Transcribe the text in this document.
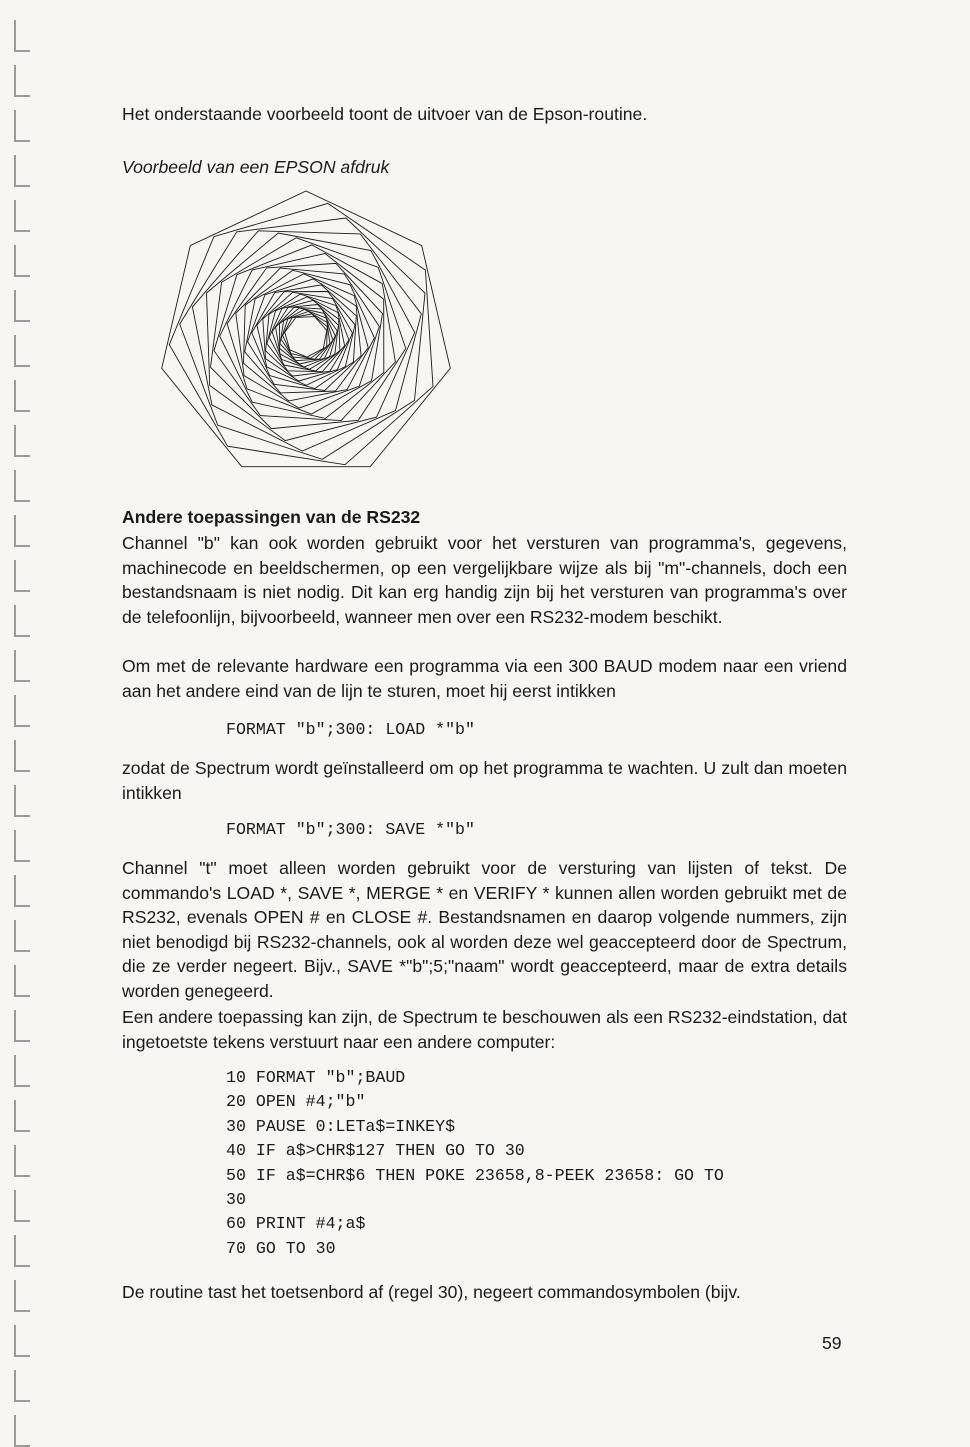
Het onderstaande voorbeeld toont de uitvoer van de Epson-routine.

Voorbeeld van een EPSON afdruk

Andere toepassingen van de RS232

Channel "b" kan ook worden gebruikt voor het versturen van programma's, gegevens, machinecode en beeldschermen, op een vergelijkbare wijze als bij "m"-channels, doch een bestandsnaam is niet nodig. Dit kan erg handig zijn bij het versturen van programma's over de telefoonlijn, bijvoorbeeld, wanneer men over een RS232-modem beschikt.

Om met de relevante hardware een programma via een 300 BAUD modem naar een vriend aan het andere eind van de lijn te sturen, moet hij eerst intikken

FORMAT "b";300: LOAD *"b"

zodat de Spectrum wordt geïnstalleerd om op het programma te wachten. U zult dan moeten intikken

FORMAT "b";300: SAVE *"b"

Channel "t" moet alleen worden gebruikt voor de versturing van lijsten of tekst. De commando's LOAD *, SAVE *, MERGE * en VERIFY * kunnen allen worden gebruikt met de RS232, evenals OPEN # en CLOSE #. Bestandsnamen en daarop volgende nummers, zijn niet benodigd bij RS232-channels, ook al worden deze wel geaccepteerd door de Spectrum, die ze verder negeert. Bijv., SAVE *"b";5;"naam" wordt geaccepteerd, maar de extra details worden genegeerd.

Een andere toepassing kan zijn, de Spectrum te beschouwen als een RS232-eindstation, dat ingetoetste tekens verstuurt naar een andere computer:

10 FORMAT "b";BAUD

20 OPEN #4;"b"

30 PAUSE 0:LETa$=INKEY$

40 IF a$>CHR$127 THEN GO TO 30

50 IF a$=CHR$6 THEN POKE 23658,8-PEEK 23658: GO TO

30

60 PRINT #4;a$

70 GO TO 30

De routine tast het toetsenbord af (regel 30), negeert commandosymbolen (bijv.

59
